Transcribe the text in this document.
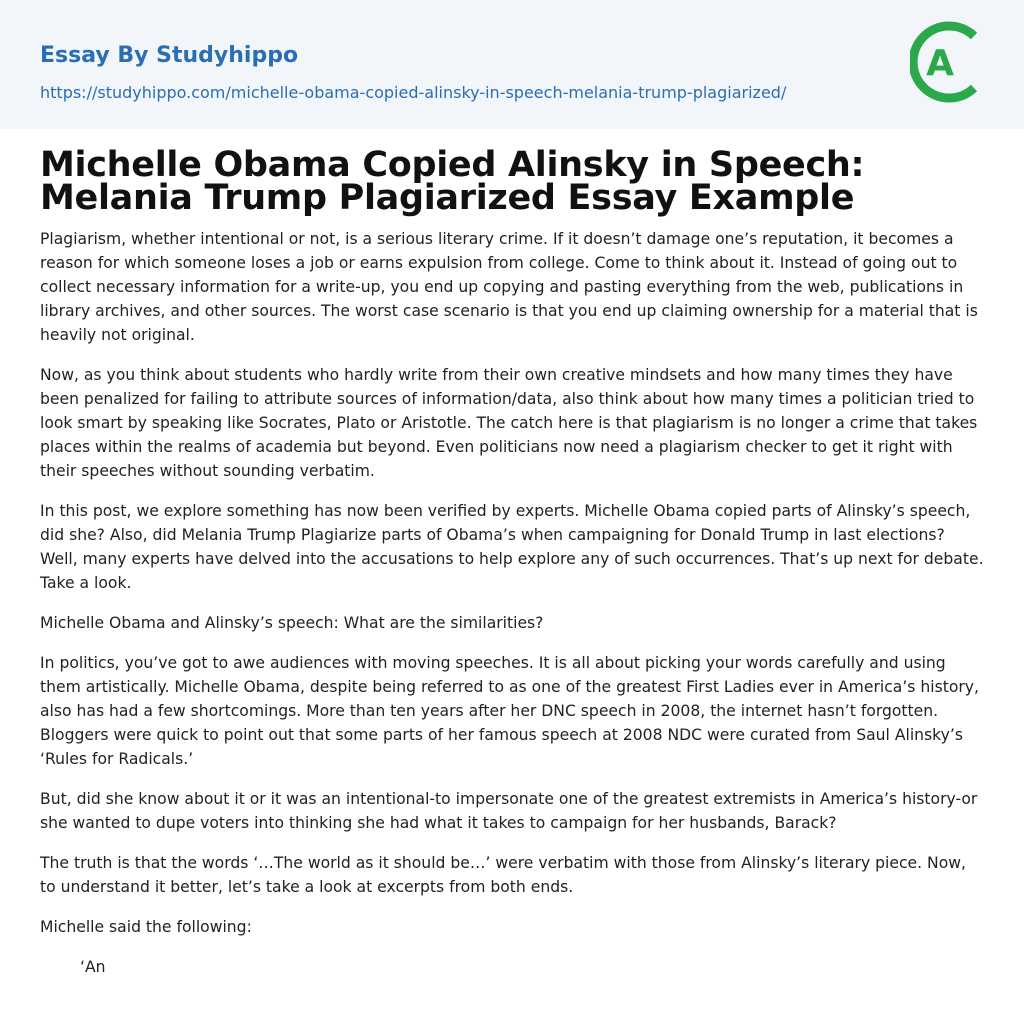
Essay By Studyhippo
https://studyhippo.com/michelle-obama-copied-alinsky-in-speech-melania-trump-plagiarized/
A
Michelle Obama Copied Alinsky in Speech:
Melania Trump Plagiarized Essay Example

Plagiarism, whether intentional or not, is a serious literary crime. If it doesn’t damage one’s reputation, it becomes a reason for which someone loses a job or earns expulsion from college. Come to think about it. Instead of going out to collect necessary information for a write-up, you end up copying and pasting everything from the web, publications in library archives, and other sources. The worst case scenario is that you end up claiming ownership for a material that is heavily not original.

Now, as you think about students who hardly write from their own creative mindsets and how many times they have been penalized for failing to attribute sources of information/data, also think about how many times a politician tried to look smart by speaking like Socrates, Plato or Aristotle. The catch here is that plagiarism is no longer a crime that takes places within the realms of academia but beyond. Even politicians now need a plagiarism checker to get it right with their speeches without sounding verbatim.

In this post, we explore something has now been verified by experts. Michelle Obama copied parts of Alinsky’s speech, did she? Also, did Melania Trump Plagiarize parts of Obama’s when campaigning for Donald Trump in last elections? Well, many experts have delved into the accusations to help explore any of such occurrences. That’s up next for debate. Take a look.

Michelle Obama and Alinsky’s speech: What are the similarities?

In politics, you’ve got to awe audiences with moving speeches. It is all about picking your words carefully and using them artistically. Michelle Obama, despite being referred to as one of the greatest First Ladies ever in America’s history, also has had a few shortcomings. More than ten years after her DNC speech in 2008, the internet hasn’t forgotten. Bloggers were quick to point out that some parts of her famous speech at 2008 NDC were curated from Saul Alinsky’s ‘Rules for Radicals.’

But, did she know about it or it was an intentional-to impersonate one of the greatest extremists in America’s history-or she wanted to dupe voters into thinking she had what it takes to campaign for her husbands, Barack?

The truth is that the words ‘…The world as it should be…’ were verbatim with those from Alinsky’s literary piece. Now, to understand it better, let’s take a look at excerpts from both ends.

Michelle said the following:

‘An
